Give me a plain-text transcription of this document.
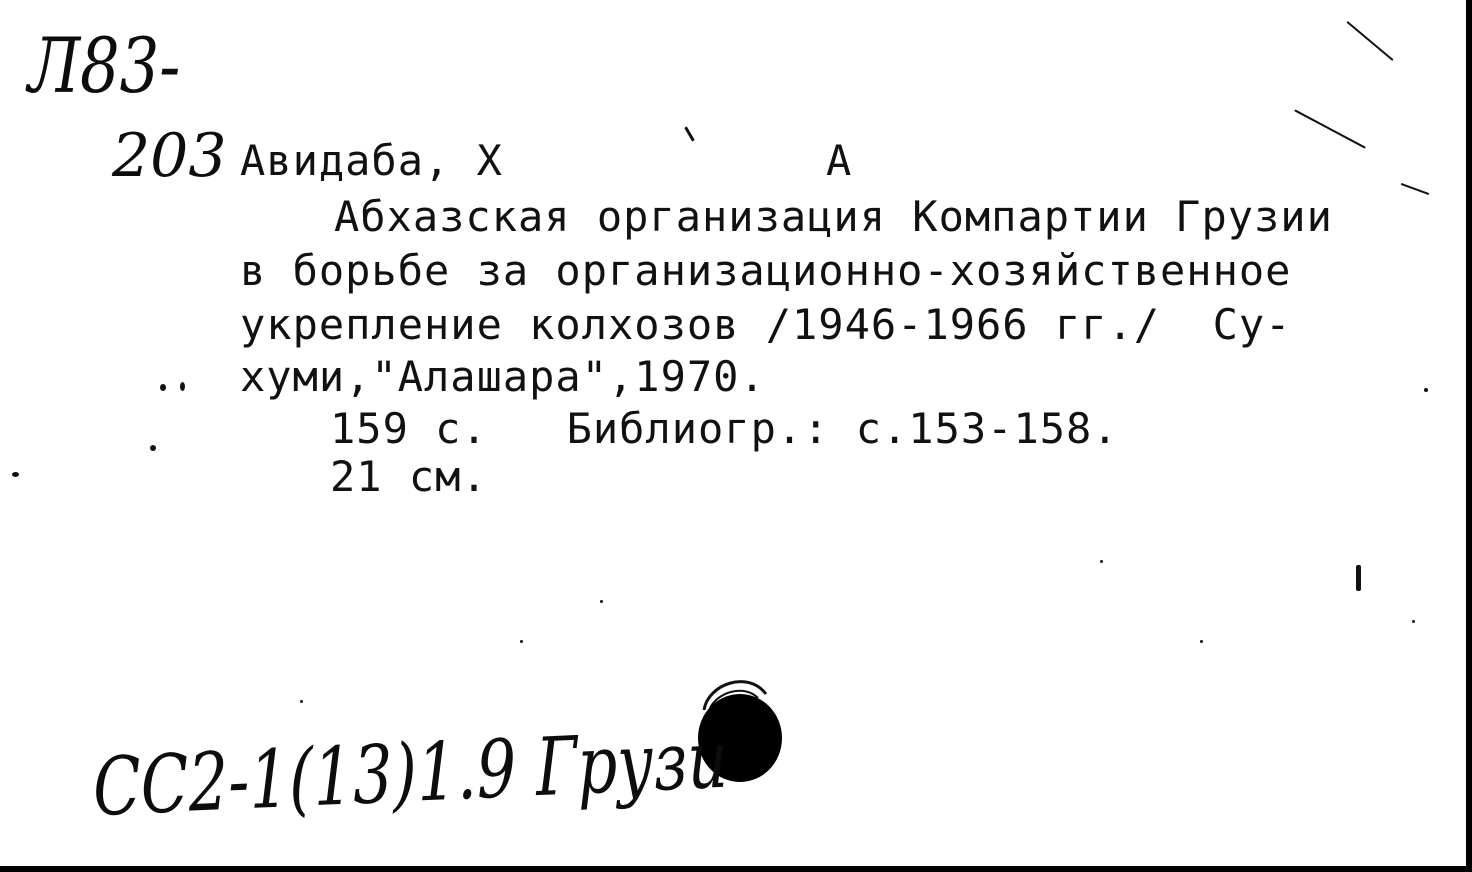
Л83-
203 Авидаба, Х	А
Абхазская организация Компартии Грузии
в борьбе за организационно-хозяйственное
укрепление колхозов /1946-1966 гг./  Су-
хуми,"Алашара",1970.
159 с.   Библиогр.: с.153-158.
21 см.
СС2-1(13)1.9 Грузи
